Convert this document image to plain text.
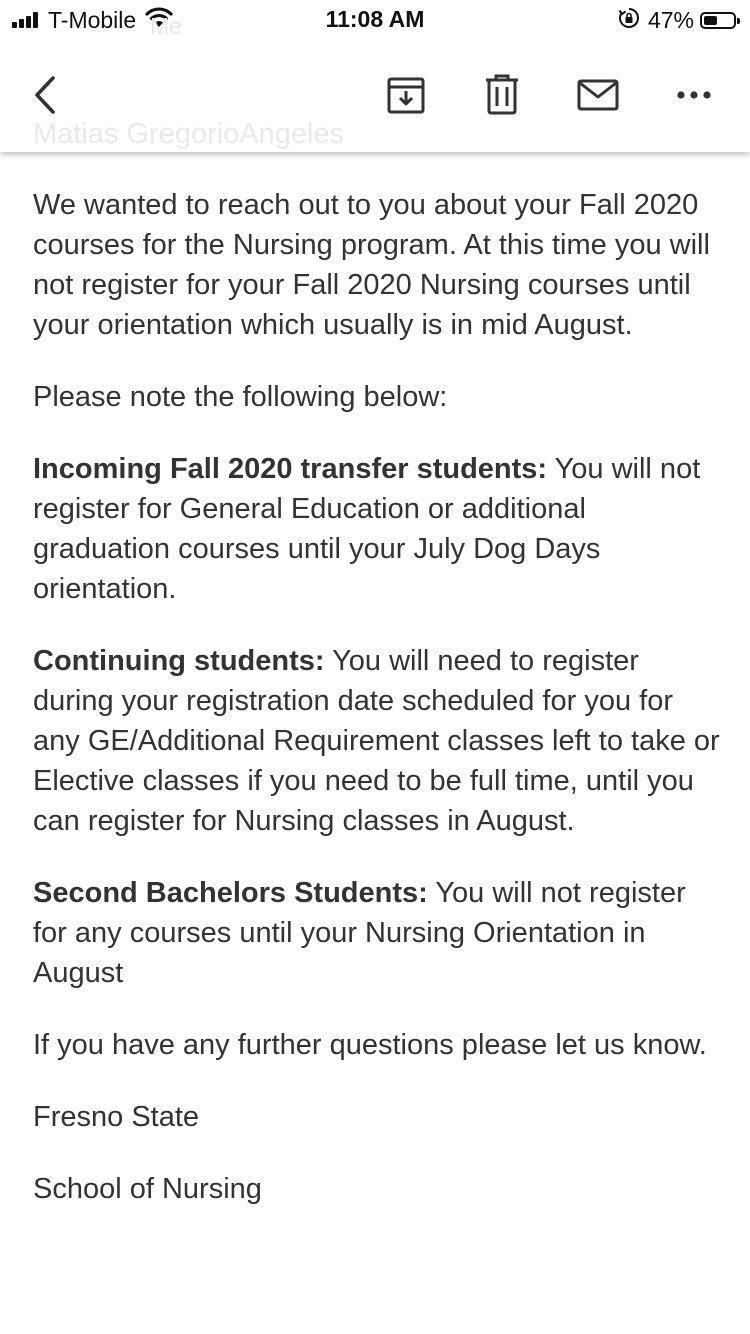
T-Mobile	11:08 AM	47%
Me
Matias GregorioAngeles

We wanted to reach out to you about your Fall 2020 courses for the Nursing program. At this time you will not register for your Fall 2020 Nursing courses until your orientation which usually is in mid August.

Please note the following below:

Incoming Fall 2020 transfer students: You will not register for General Education or additional graduation courses until your July Dog Days orientation.

Continuing students: You will need to register during your registration date scheduled for you for any GE/Additional Requirement classes left to take or Elective classes if you need to be full time, until you can register for Nursing classes in August.

Second Bachelors Students: You will not register for any courses until your Nursing Orientation in August

If you have any further questions please let us know.

Fresno State

School of Nursing
